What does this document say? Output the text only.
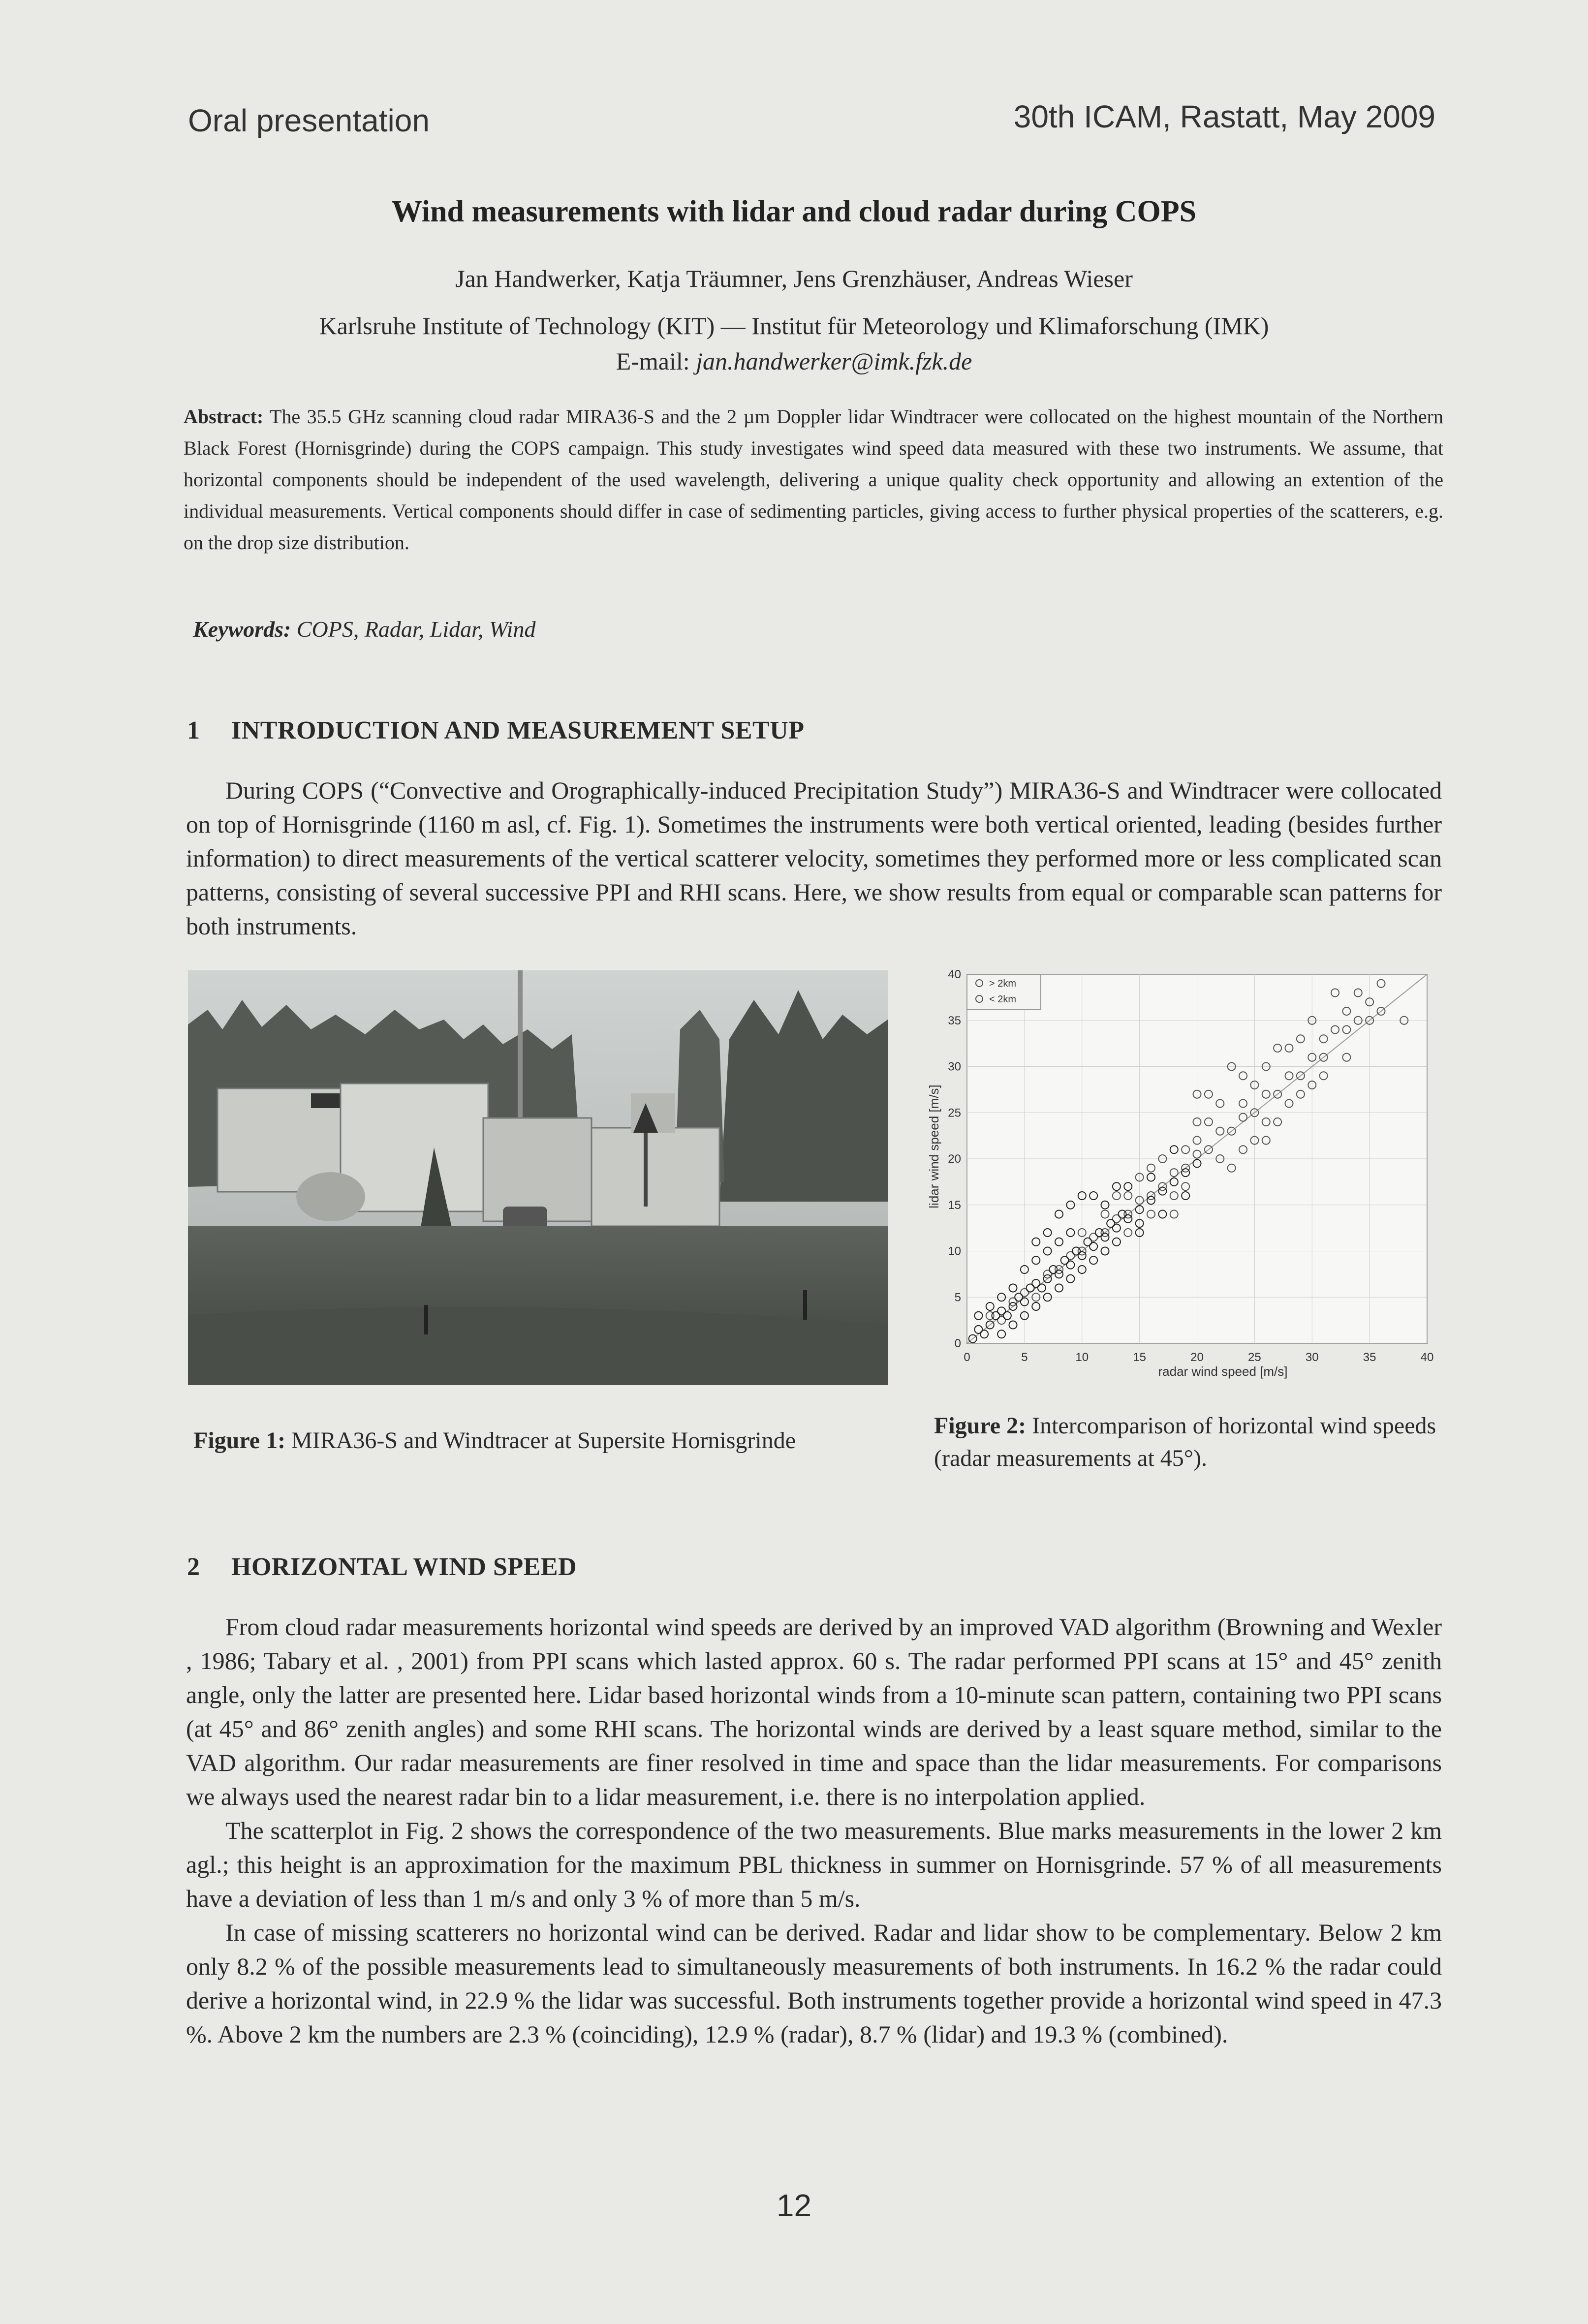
Oral presentation	30th ICAM, Rastatt, May 2009
Wind measurements with lidar and cloud radar during COPS
Jan Handwerker, Katja Träumner, Jens Grenzhäuser, Andreas Wieser
Karlsruhe Institute of Technology (KIT) — Institut für Meteorology und Klimaforschung (IMK)
E-mail: jan.handwerker@imk.fzk.de
Abstract: The 35.5 GHz scanning cloud radar MIRA36-S and the 2 µm Doppler lidar Windtracer were collocated on the highest mountain of the Northern Black Forest (Hornisgrinde) during the COPS campaign. This study investigates wind speed data measured with these two instruments. We assume, that horizontal components should be independent of the used wavelength, delivering a unique quality check opportunity and allowing an extention of the individual measurements. Vertical components should differ in case of sedimenting particles, giving access to further physical properties of the scatterers, e.g. on the drop size distribution.
Keywords: COPS, Radar, Lidar, Wind
1 INTRODUCTION AND MEASUREMENT SETUP

During COPS (“Convective and Orographically-induced Precipitation Study”) MIRA36-S and Windtracer were collocated on top of Hornisgrinde (1160 m asl, cf. Fig. 1). Sometimes the instruments were both vertical oriented, leading (besides further information) to direct measurements of the vertical scatterer velocity, sometimes they performed more or less complicated scan patterns, consisting of several successive PPI and RHI scans. Here, we show results from equal or comparable scan patterns for both instruments.

0	5	10	15	20	25	30	35	40
0
5
10
15
20
25
30
35
40
> 2km
< 2km
radar wind speed [m/s]
lidar wind speed [m/s]
Figure 1: MIRA36-S and Windtracer at Supersite Hornisgrinde
Figure 2: Intercomparison of horizontal wind speeds (radar measurements at 45°).
2 HORIZONTAL WIND SPEED

From cloud radar measurements horizontal wind speeds are derived by an improved VAD algorithm (Browning and Wexler , 1986; Tabary et al. , 2001) from PPI scans which lasted approx. 60 s. The radar performed PPI scans at 15° and 45° zenith angle, only the latter are presented here. Lidar based horizontal winds from a 10-minute scan pattern, containing two PPI scans (at 45° and 86° zenith angles) and some RHI scans. The horizontal winds are derived by a least square method, similar to the VAD algorithm. Our radar measurements are finer resolved in time and space than the lidar measurements. For comparisons we always used the nearest radar bin to a lidar measurement, i.e. there is no interpolation applied.

The scatterplot in Fig. 2 shows the correspondence of the two measurements. Blue marks measurements in the lower 2 km agl.; this height is an approximation for the maximum PBL thickness in summer on Hornisgrinde. 57 % of all measurements have a deviation of less than 1 m/s and only 3 % of more than 5 m/s.

In case of missing scatterers no horizontal wind can be derived. Radar and lidar show to be complementary. Below 2 km only 8.2 % of the possible measurements lead to simultaneously measurements of both instruments. In 16.2 % the radar could derive a horizontal wind, in 22.9 % the lidar was successful. Both instruments together provide a horizontal wind speed in 47.3 %. Above 2 km the numbers are 2.3 % (coinciding), 12.9 % (radar), 8.7 % (lidar) and 19.3 % (combined).

12
